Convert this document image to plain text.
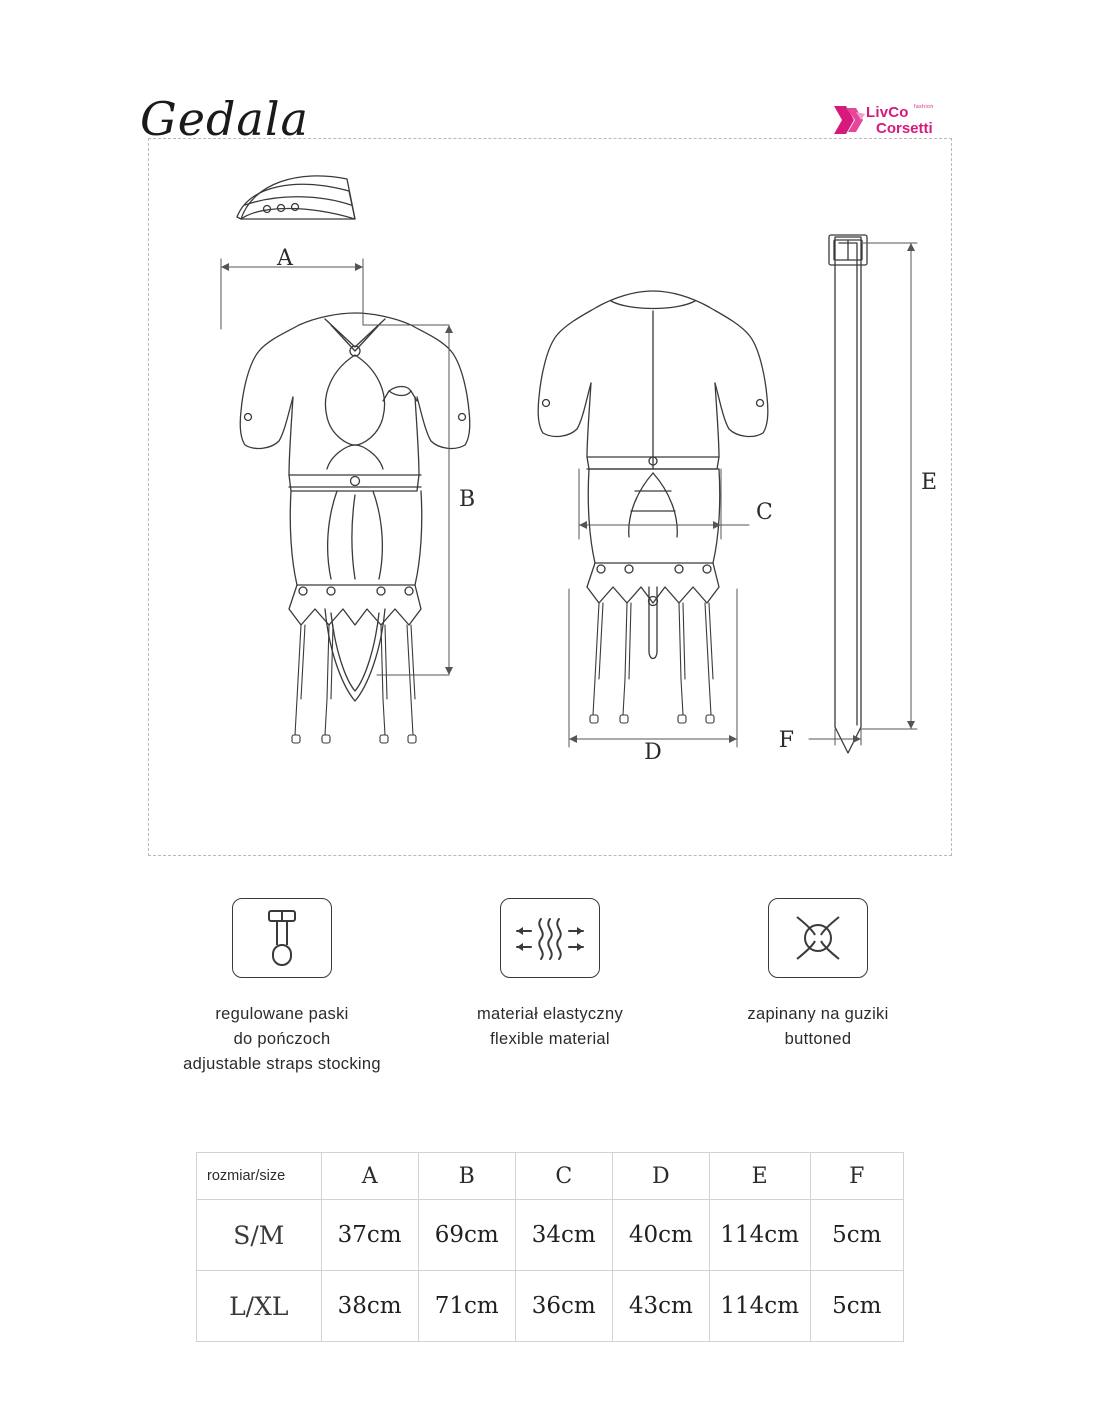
Gedala	LivCo fashion
Corsetti
A
B
C
D
E
F
regulowane paski
do pończoch
adjustable straps stocking
materiał elastyczny
flexible material
zapinany na guziki
buttoned
rozmiar/size	A	B	C	D	E	F
S/M	37cm	69cm	34cm	40cm	114cm	5cm
L/XL	38cm	71cm	36cm	43cm	114cm	5cm
